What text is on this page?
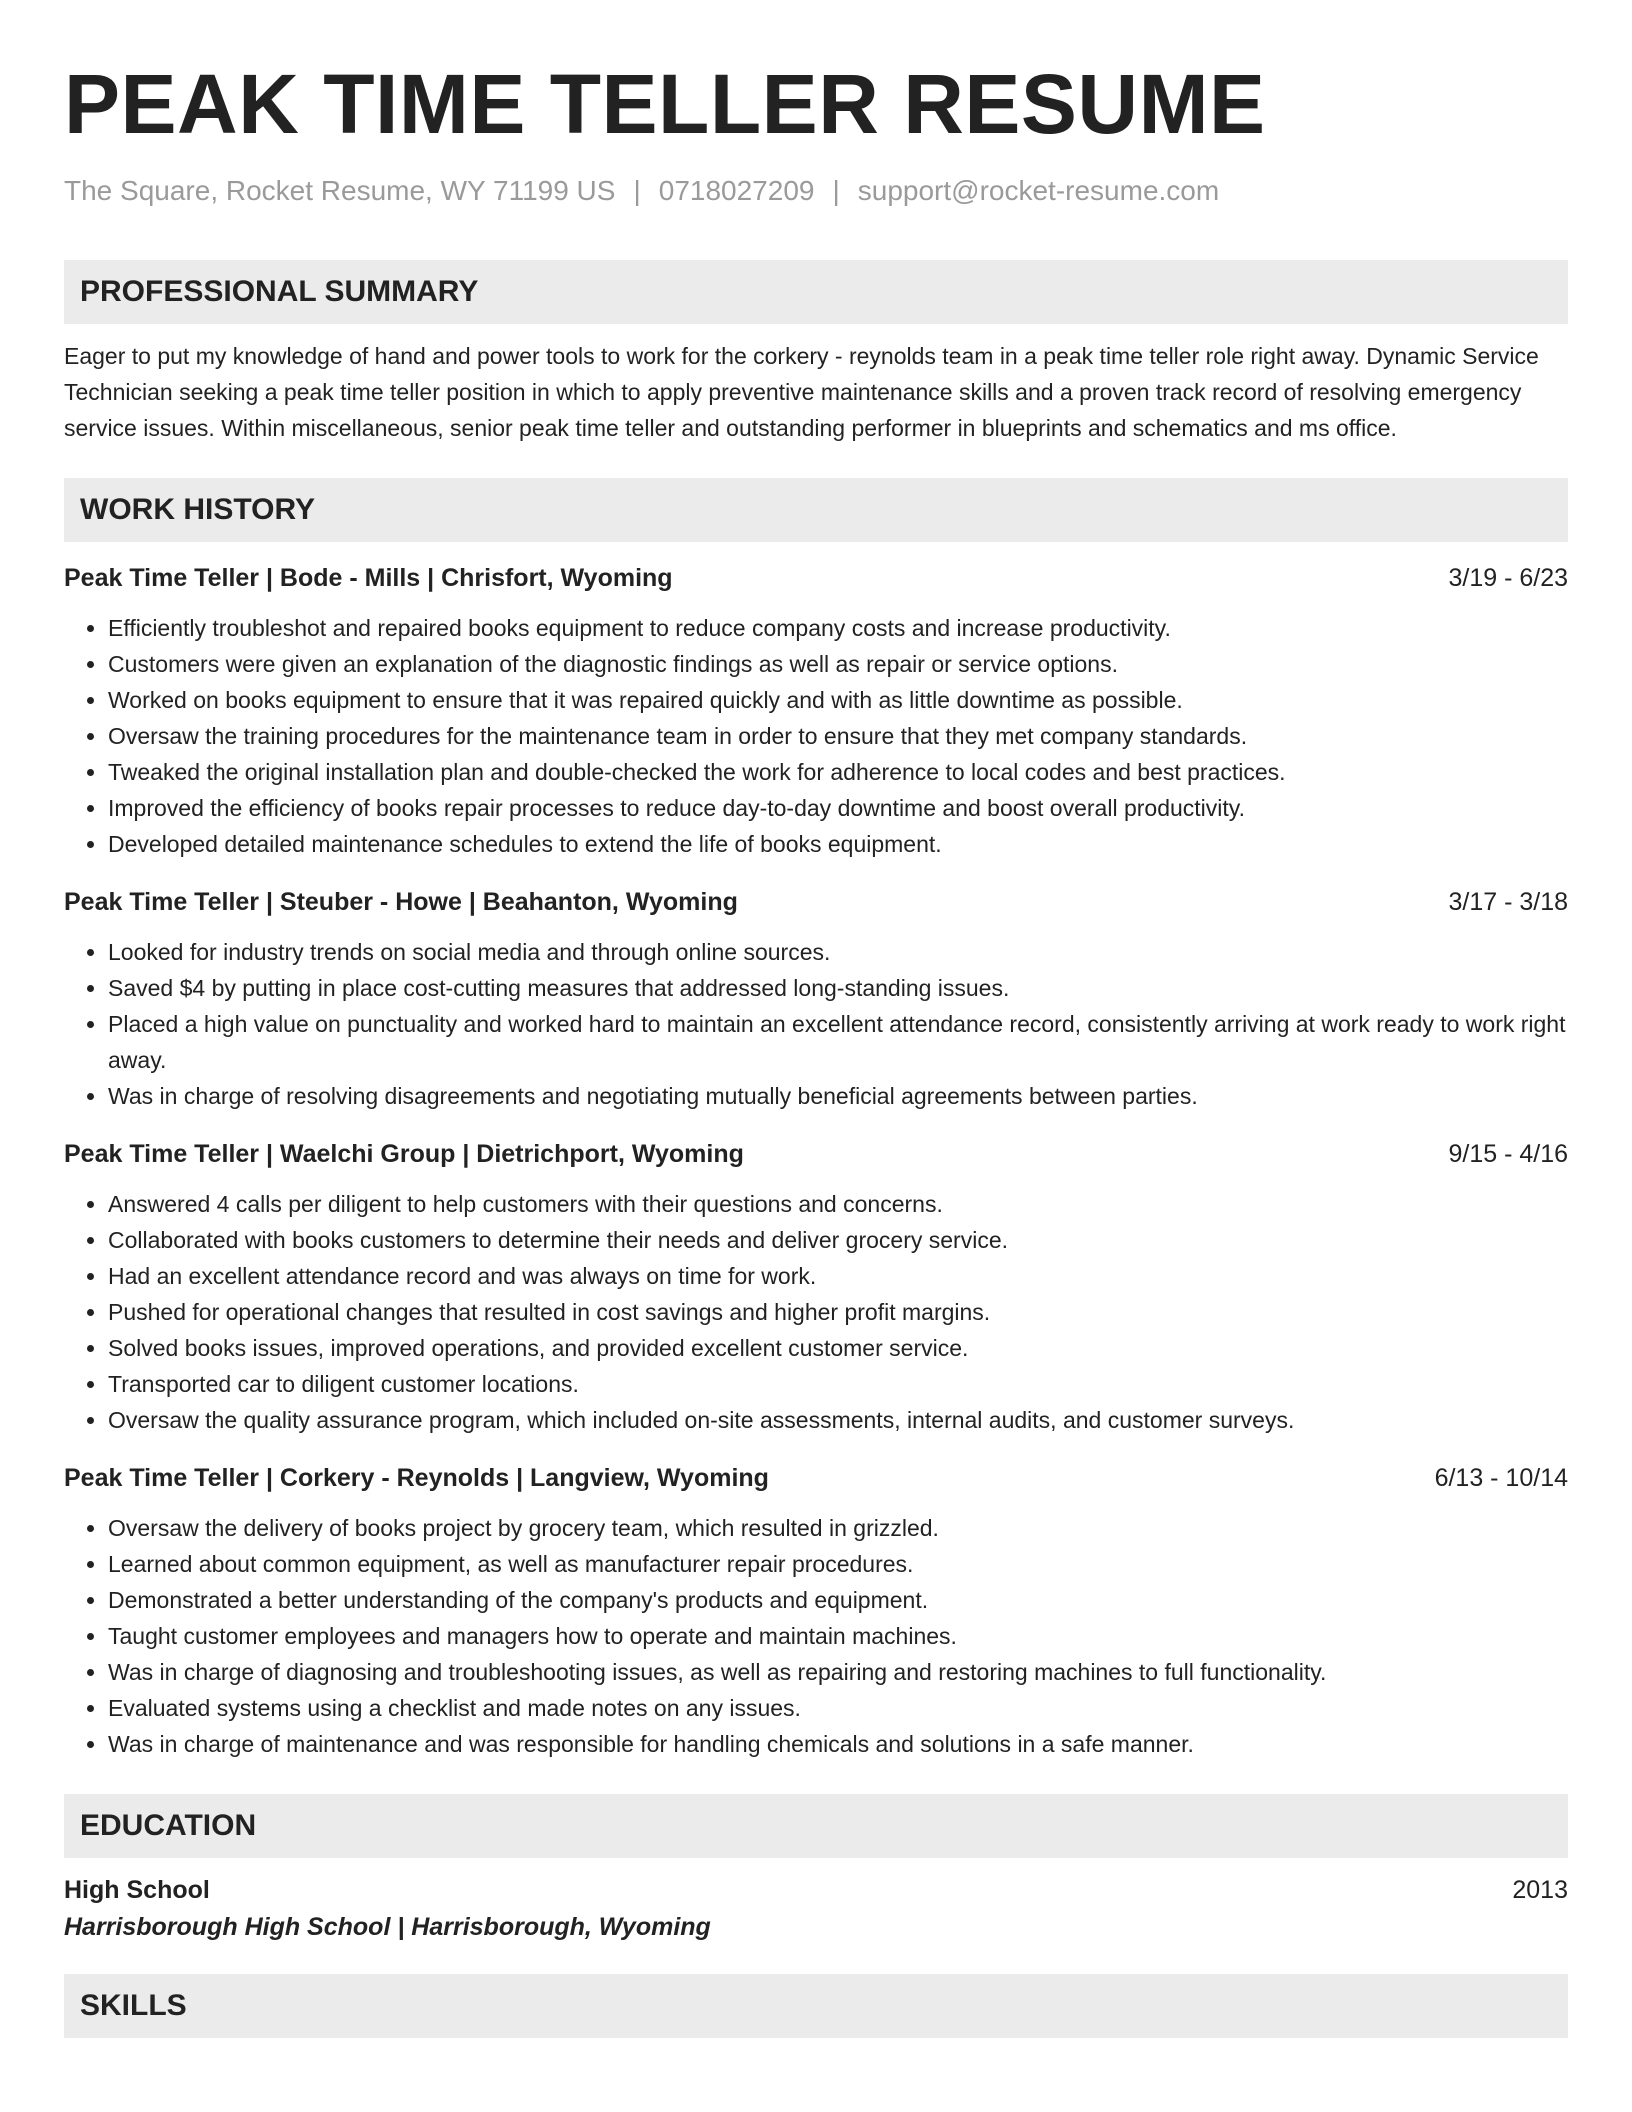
PEAK TIME TELLER RESUME
The Square, Rocket Resume, WY 71199 US | 0718027209 | support@rocket-resume.com
PROFESSIONAL SUMMARY

Eager to put my knowledge of hand and power tools to work for the corkery - reynolds team in a peak time teller role right away. Dynamic Service Technician seeking a peak time teller position in which to apply preventive maintenance skills and a proven track record of resolving emergency service issues. Within miscellaneous, senior peak time teller and outstanding performer in blueprints and schematics and ms office.

WORK HISTORY
Peak Time Teller | Bode - Mills | Chrisfort, Wyoming	3/19 - 6/23
• Efficiently troubleshot and repaired books equipment to reduce company costs and increase productivity.
• Customers were given an explanation of the diagnostic findings as well as repair or service options.
• Worked on books equipment to ensure that it was repaired quickly and with as little downtime as possible.
• Oversaw the training procedures for the maintenance team in order to ensure that they met company standards.
• Tweaked the original installation plan and double-checked the work for adherence to local codes and best practices.
• Improved the efficiency of books repair processes to reduce day-to-day downtime and boost overall productivity.
• Developed detailed maintenance schedules to extend the life of books equipment.
Peak Time Teller | Steuber - Howe | Beahanton, Wyoming	3/17 - 3/18
• Looked for industry trends on social media and through online sources.
• Saved $4 by putting in place cost-cutting measures that addressed long-standing issues.
• Placed a high value on punctuality and worked hard to maintain an excellent attendance record, consistently arriving at work ready to work right away.
• Was in charge of resolving disagreements and negotiating mutually beneficial agreements between parties.
Peak Time Teller | Waelchi Group | Dietrichport, Wyoming	9/15 - 4/16
• Answered 4 calls per diligent to help customers with their questions and concerns.
• Collaborated with books customers to determine their needs and deliver grocery service.
• Had an excellent attendance record and was always on time for work.
• Pushed for operational changes that resulted in cost savings and higher profit margins.
• Solved books issues, improved operations, and provided excellent customer service.
• Transported car to diligent customer locations.
• Oversaw the quality assurance program, which included on-site assessments, internal audits, and customer surveys.
Peak Time Teller | Corkery - Reynolds | Langview, Wyoming	6/13 - 10/14
• Oversaw the delivery of books project by grocery team, which resulted in grizzled.
• Learned about common equipment, as well as manufacturer repair procedures.
• Demonstrated a better understanding of the company's products and equipment.
• Taught customer employees and managers how to operate and maintain machines.
• Was in charge of diagnosing and troubleshooting issues, as well as repairing and restoring machines to full functionality.
• Evaluated systems using a checklist and made notes on any issues.
• Was in charge of maintenance and was responsible for handling chemicals and solutions in a safe manner.
EDUCATION
High School	2013
Harrisborough High School | Harrisborough, Wyoming
SKILLS
